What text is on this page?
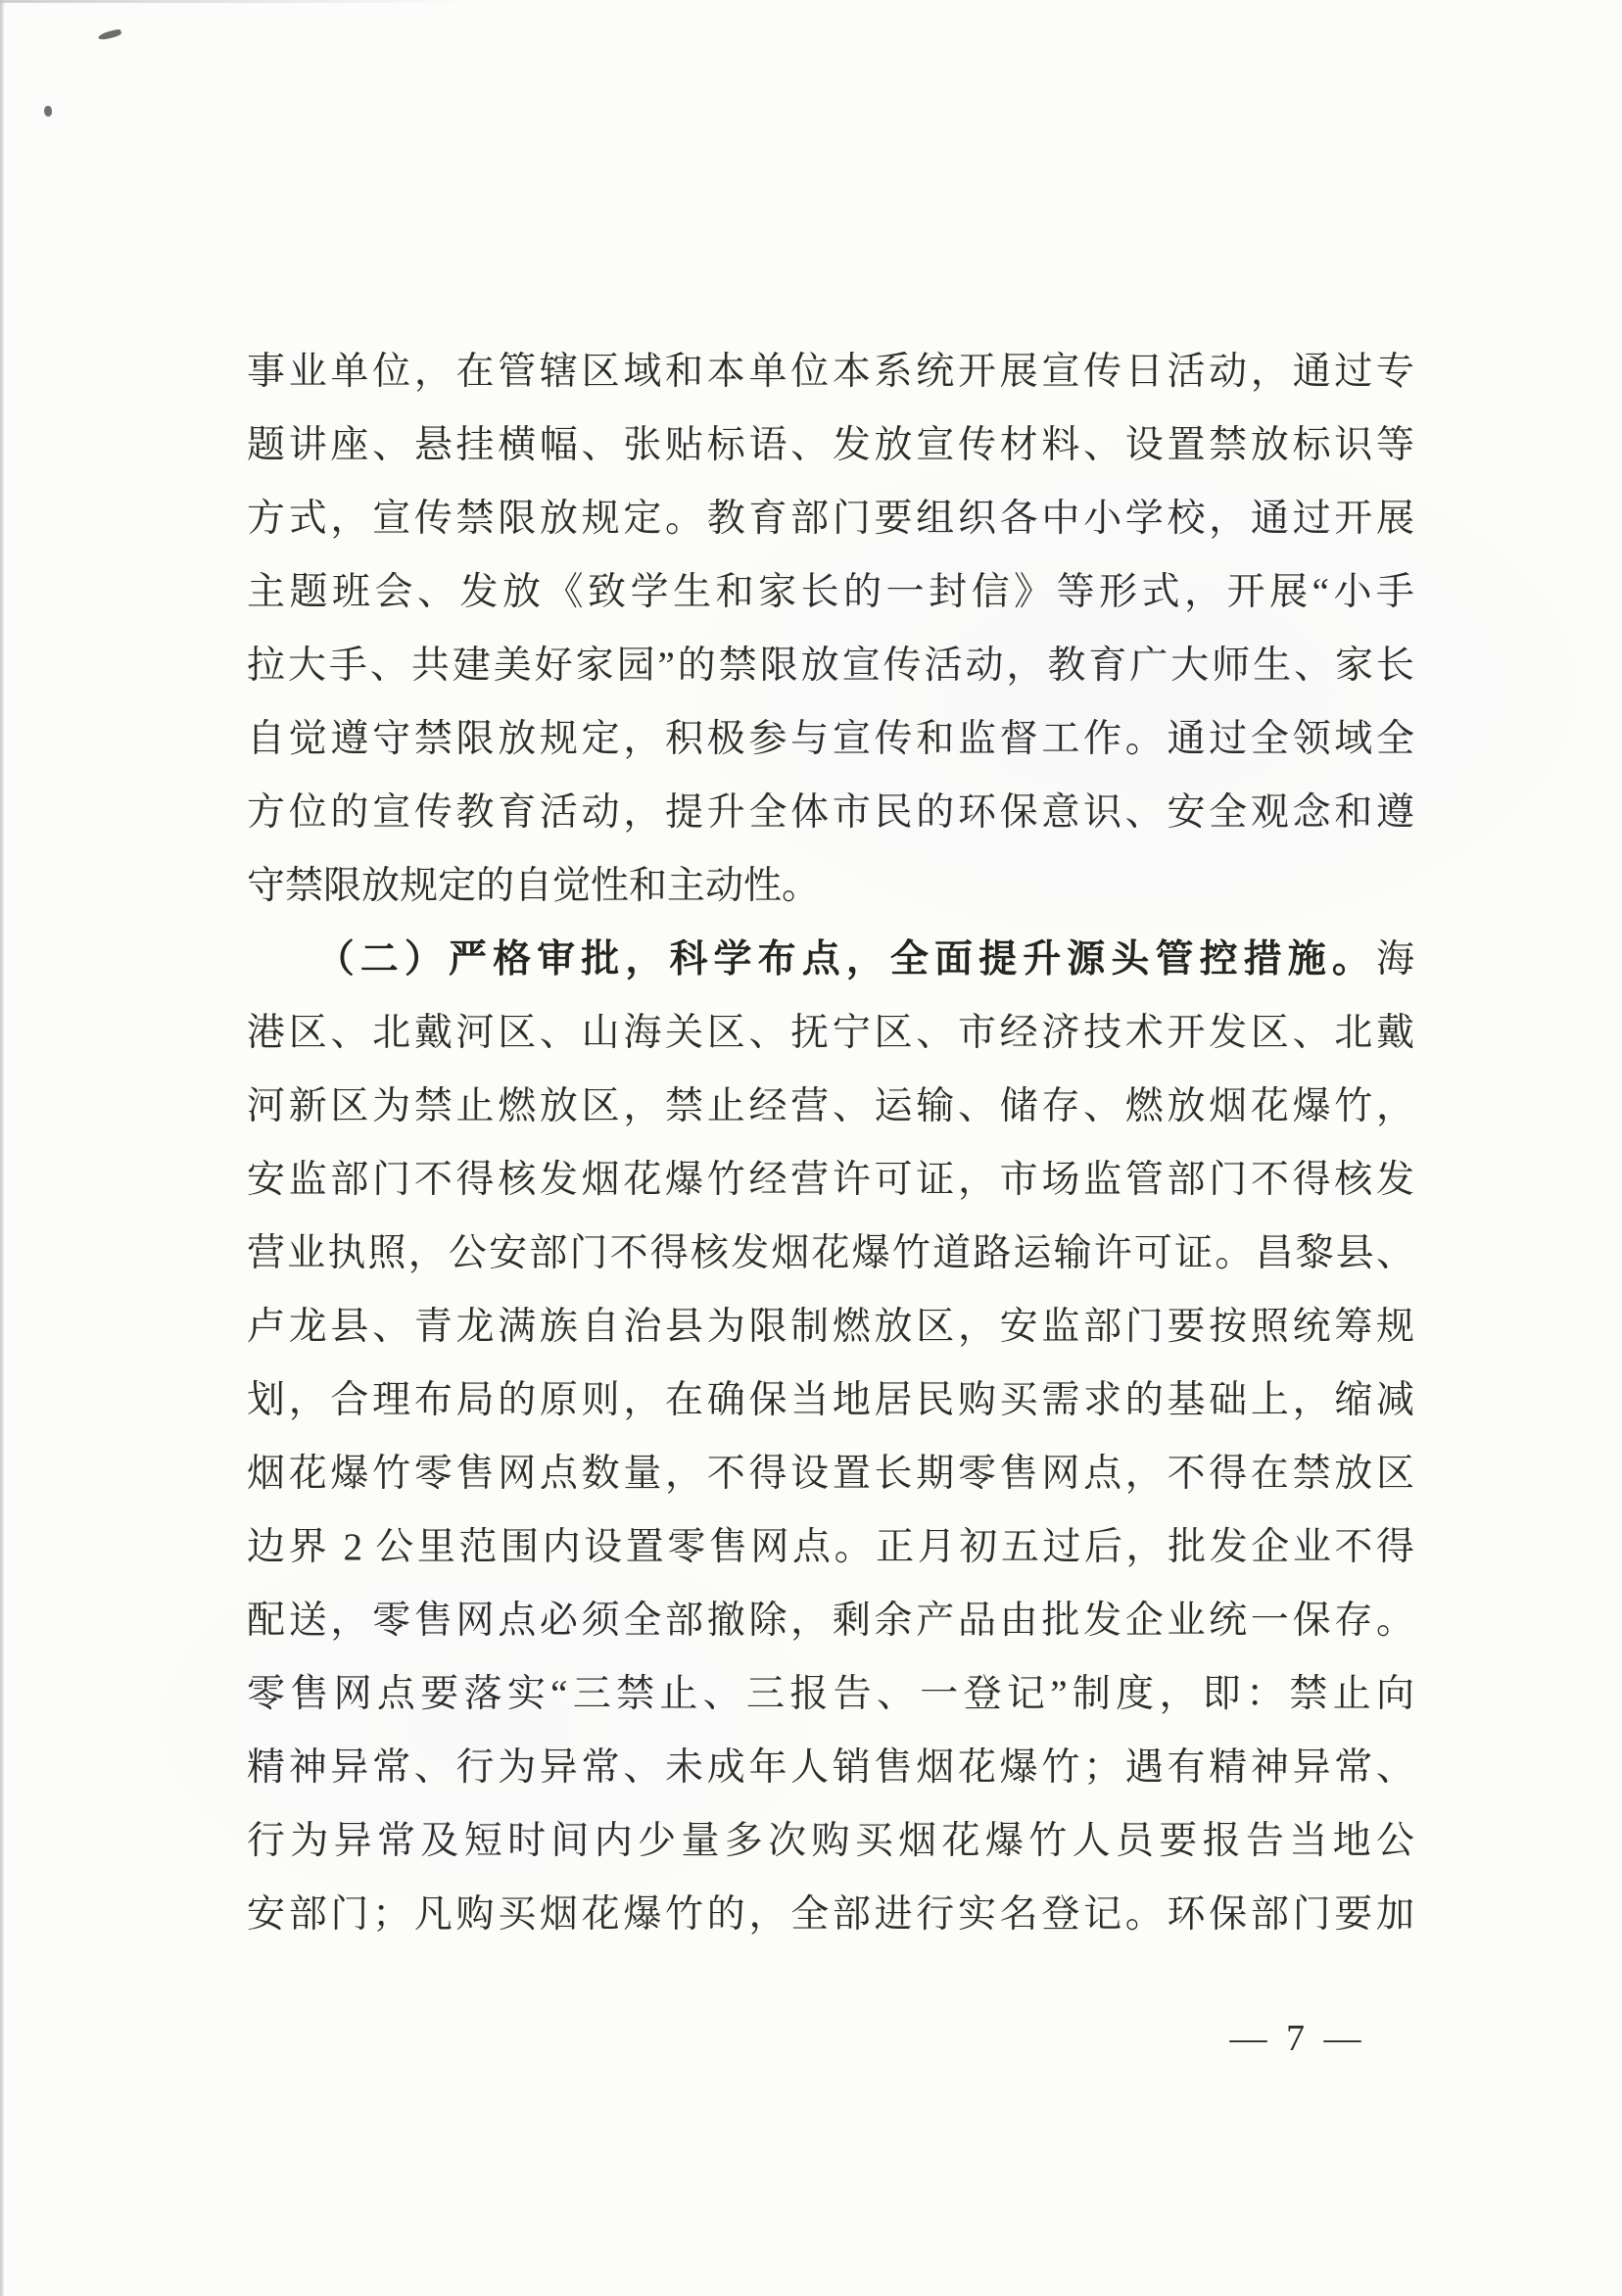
事业单位，在管辖区域和本单位本系统开展宣传日活动，通过专
题讲座、悬挂横幅、张贴标语、发放宣传材料、设置禁放标识等
方式，宣传禁限放规定。教育部门要组织各中小学校，通过开展
主题班会、发放《致学生和家长的一封信》等形式，开展“小手
拉大手、共建美好家园”的禁限放宣传活动，教育广大师生、家长
自觉遵守禁限放规定，积极参与宣传和监督工作。通过全领域全
方位的宣传教育活动，提升全体市民的环保意识、安全观念和遵
守禁限放规定的自觉性和主动性。
　　（二）严格审批，科学布点，全面提升源头管控措施。海
港区、北戴河区、山海关区、抚宁区、市经济技术开发区、北戴
河新区为禁止燃放区，禁止经营、运输、储存、燃放烟花爆竹，
安监部门不得核发烟花爆竹经营许可证，市场监管部门不得核发
营业执照，公安部门不得核发烟花爆竹道路运输许可证。昌黎县、
卢龙县、青龙满族自治县为限制燃放区，安监部门要按照统筹规
划，合理布局的原则，在确保当地居民购买需求的基础上，缩减
烟花爆竹零售网点数量，不得设置长期零售网点，不得在禁放区
边界 2 公里范围内设置零售网点。正月初五过后，批发企业不得
配送，零售网点必须全部撤除，剩余产品由批发企业统一保存。
零售网点要落实“三禁止、三报告、一登记”制度，即：禁止向
精神异常、行为异常、未成年人销售烟花爆竹；遇有精神异常、
行为异常及短时间内少量多次购买烟花爆竹人员要报告当地公
安部门；凡购买烟花爆竹的，全部进行实名登记。环保部门要加
— 7 —
